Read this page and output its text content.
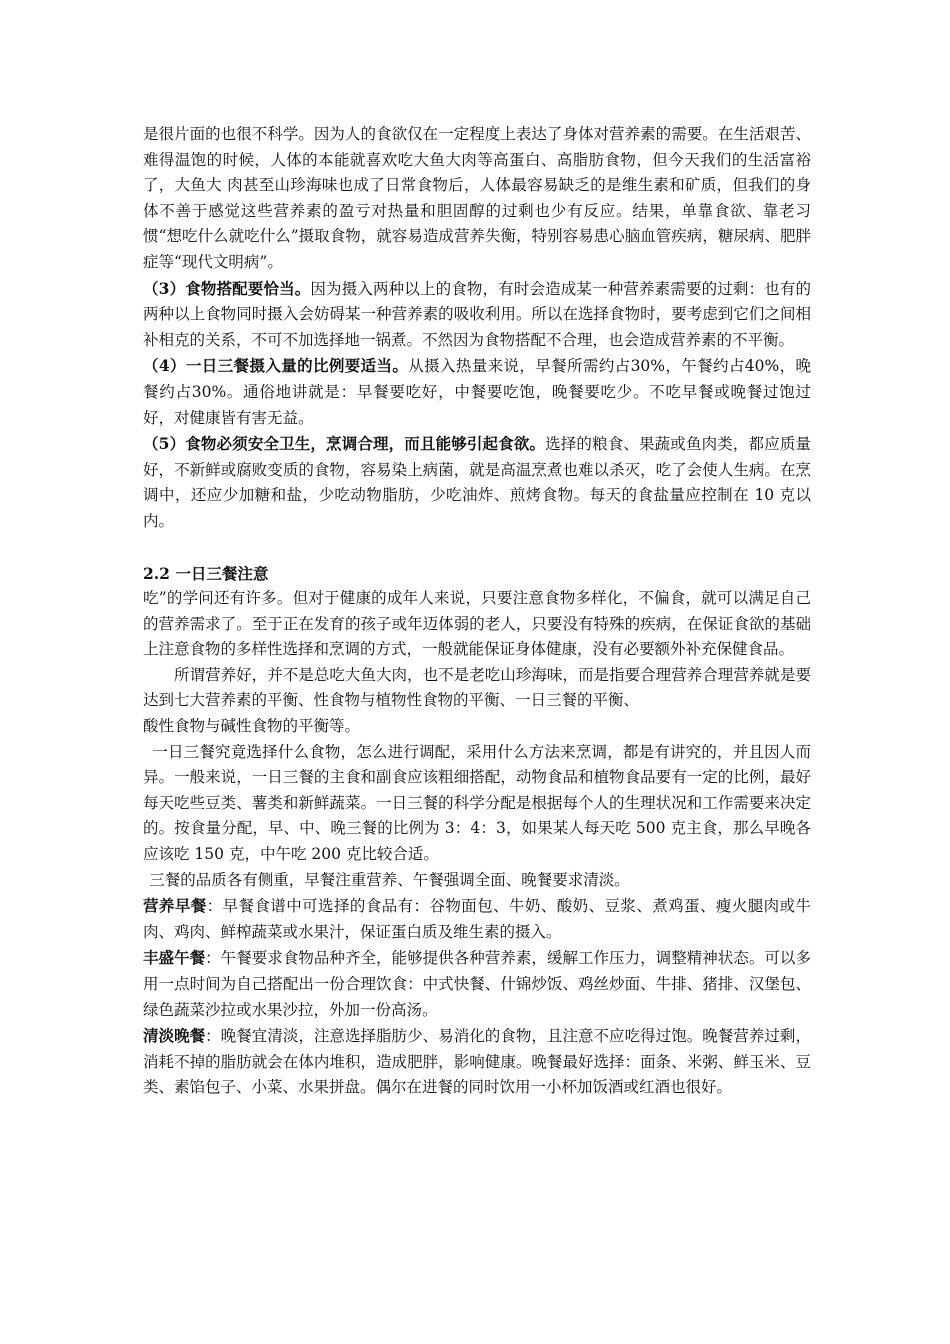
是很片面的也很不科学。因为人的食欲仅在一定程度上表达了身体对营养素的需要。在生活艰苦、难得温饱的时候，人体的本能就喜欢吃大鱼大肉等高蛋白、高脂肪食物，但今天我们的生活富裕了，大鱼大 肉甚至山珍海味也成了日常食物后，人体最容易缺乏的是维生素和矿质，但我们的身体不善于感觉这些营养素的盈亏对热量和胆固醇的过剩也少有反应。结果，单靠食欲、靠老习惯“想吃什么就吃什么”摄取食物，就容易造成营养失衡，特别容易患心脑血管疾病，糖尿病、肥胖症等“现代文明病”。

（3）食物搭配要恰当。因为摄入两种以上的食物，有时会造成某一种营养素需要的过剩：也有的两种以上食物同时摄入会妨碍某一种营养素的吸收利用。所以在选择食物时，要考虑到它们之间相补相克的关系，不可不加选择地一锅煮。不然因为食物搭配不合理，也会造成营养素的不平衡。

（4）一日三餐摄入量的比例要适当。从摄入热量来说，早餐所需约占30%，午餐约占40%，晚餐约占30%。通俗地讲就是：早餐要吃好，中餐要吃饱，晚餐要吃少。不吃早餐或晚餐过饱过好，对健康皆有害无益。

（5）食物必须安全卫生，烹调合理，而且能够引起食欲。选择的粮食、果蔬或鱼肉类，都应质量好，不新鲜或腐败变质的食物，容易染上病菌，就是高温烹煮也难以杀灭，吃了会使人生病。在烹调中，还应少加糖和盐，少吃动物脂肪，少吃油炸、煎烤食物。每天的食盐量应控制在 10 克以内。

2.2 一日三餐注意

吃”的学问还有许多。但对于健康的成年人来说，只要注意食物多样化，不偏食，就可以满足自己的营养需求了。至于正在发育的孩子或年迈体弱的老人，只要没有特殊的疾病，在保证食欲的基础上注意食物的多样性选择和烹调的方式，一般就能保证身体健康，没有必要额外补充保健食品。

所谓营养好，并不是总吃大鱼大肉，也不是老吃山珍海味，而是指要合理营养合理营养就是要达到七大营养素的平衡、性食物与植物性食物的平衡、一日三餐的平衡、

酸性食物与碱性食物的平衡等。

一日三餐究竟选择什么食物，怎么进行调配，采用什么方法来烹调，都是有讲究的，并且因人而异。一般来说，一日三餐的主食和副食应该粗细搭配，动物食品和植物食品要有一定的比例，最好每天吃些豆类、薯类和新鲜蔬菜。一日三餐的科学分配是根据每个人的生理状况和工作需要来决定的。按食量分配，早、中、晚三餐的比例为 3：4：3，如果某人每天吃 500 克主食，那么早晚各应该吃 150 克，中午吃 200 克比较合适。

三餐的品质各有侧重，早餐注重营养、午餐强调全面、晚餐要求清淡。

营养早餐：早餐食谱中可选择的食品有：谷物面包、牛奶、酸奶、豆浆、煮鸡蛋、瘦火腿肉或牛肉、鸡肉、鲜榨蔬菜或水果汁，保证蛋白质及维生素的摄入。

丰盛午餐：午餐要求食物品种齐全，能够提供各种营养素，缓解工作压力，调整精神状态。可以多用一点时间为自己搭配出一份合理饮食：中式快餐、什锦炒饭、鸡丝炒面、牛排、猪排、汉堡包、绿色蔬菜沙拉或水果沙拉，外加一份高汤。

清淡晚餐：晚餐宜清淡，注意选择脂肪少、易消化的食物，且注意不应吃得过饱。晚餐营养过剩，消耗不掉的脂肪就会在体内堆积，造成肥胖，影响健康。晚餐最好选择：面条、米粥、鲜玉米、豆类、素馅包子、小菜、水果拼盘。偶尔在进餐的同时饮用一小杯加饭酒或红酒也很好。
